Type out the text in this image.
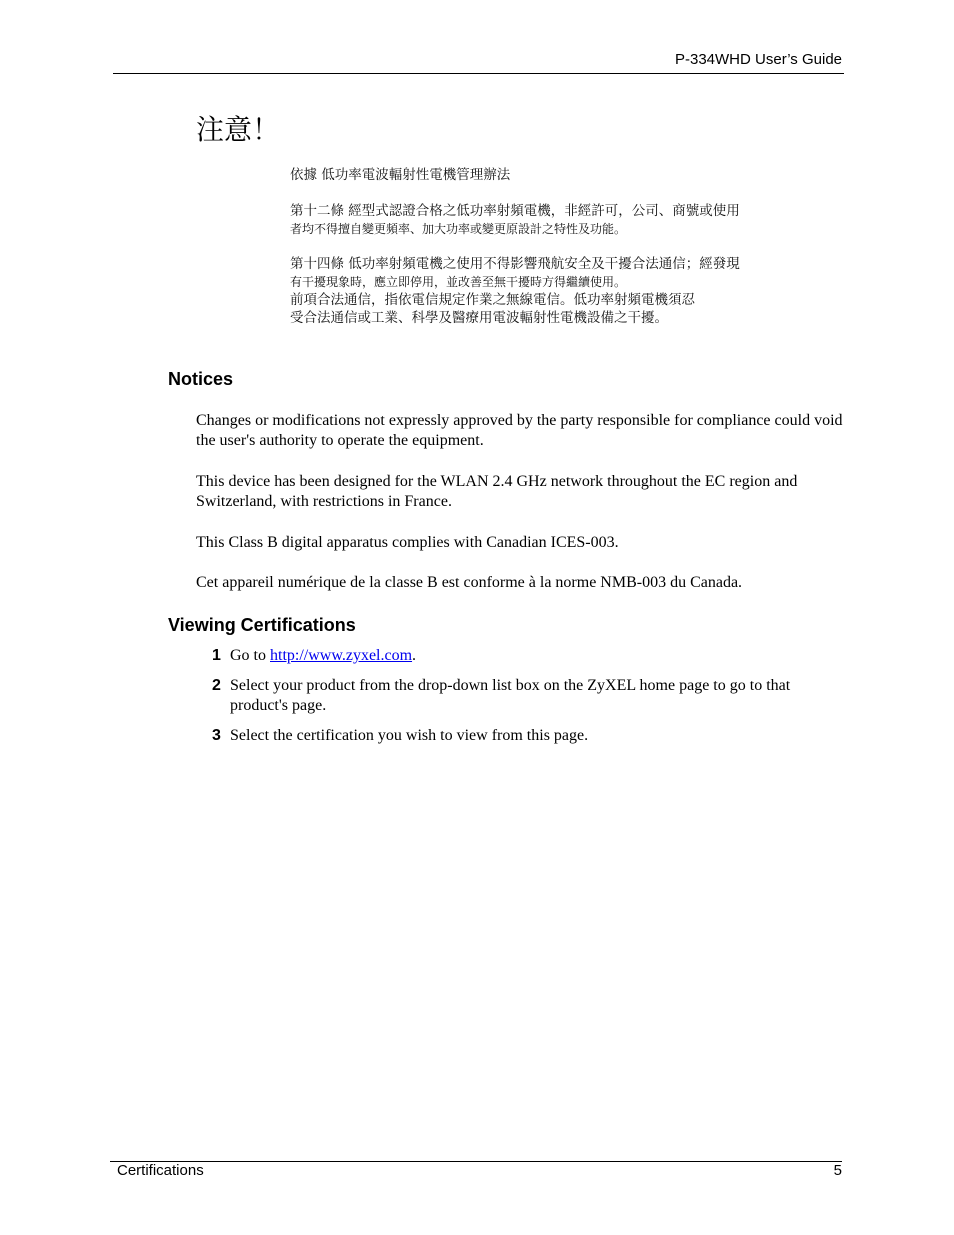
P-334WHD User’s Guide
注意！
依據 低功率電波輻射性電機管理辦法
第十二條 經型式認證合格之低功率射頻電機，非經許可，公司、商號或使用
者均不得擅自變更頻率、加大功率或變更原設計之特性及功能。
第十四條 低功率射頻電機之使用不得影響飛航安全及干擾合法通信；經發現
有干擾現象時，應立即停用，並改善至無干擾時方得繼續使用。
前項合法通信，指依電信規定作業之無線電信。低功率射頻電機須忍
受合法通信或工業、科學及醫療用電波輻射性電機設備之干擾。
Notices

Changes or modifications not expressly approved by the party responsible for compliance could void the user's authority to operate the equipment.

This device has been designed for the WLAN 2.4 GHz network throughout the EC region and Switzerland, with restrictions in France.

This Class B digital apparatus complies with Canadian ICES-003.

Cet appareil numérique de la classe B est conforme à la norme NMB-003 du Canada.

Viewing Certifications
1 Go to http://www.zyxel.com.
2 Select your product from the drop-down list box on the ZyXEL home page to go to that product's page.
3 Select the certification you wish to view from this page.
Certifications	5
